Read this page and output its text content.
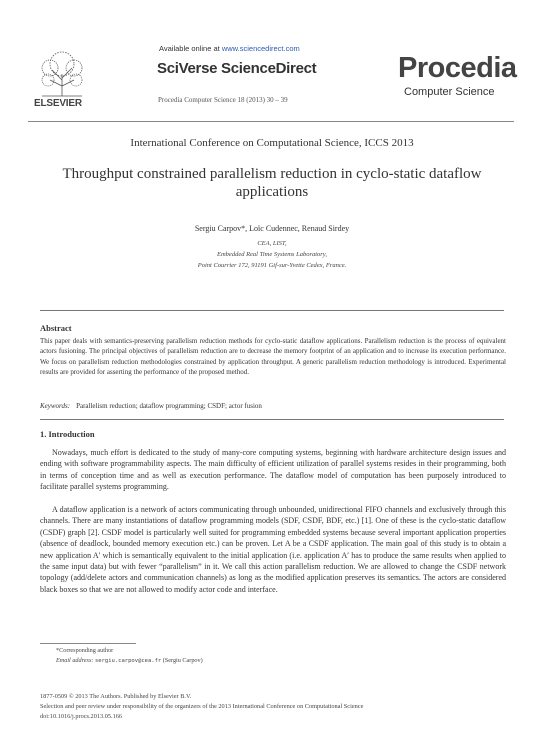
ELSEVIER
Available online at www.sciencedirect.com
SciVerse ScienceDirect
Procedia Computer Science 18 (2013) 30 – 39
Procedia
Computer Science
International Conference on Computational Science, ICCS 2013
Throughput constrained parallelism reduction in cyclo-static dataflow applications
Sergiu Carpov*, Loïc Cudennec, Renaud Sirdey
CEA, LIST,
Embedded Real Time Systems Laboratory,
Point Courrier 172, 91191 Gif-sur-Yvette Cedex, France.
Abstract
This paper deals with semantics-preserving parallelism reduction methods for cyclo-static dataflow applications. Parallelism reduction is the process of equivalent actors fusioning. The principal objectives of parallelism reduction are to decrease the memory footprint of an application and to increase its execution performance. We focus on parallelism reduction methodologies constrained by application throughput. A generic parallelism reduction methodology is introduced. Experimental results are provided for asserting the performance of the proposed method.
Keywords: Parallelism reduction; dataflow programming; CSDF; actor fusion
1. Introduction
Nowadays, much effort is dedicated to the study of many-core computing systems, beginning with hardware architecture design issues and ending with software programmability aspects. The main difficulty of efficient utilization of parallel systems resides in their programming, both in terms of conception time and as well as execution performance. The dataflow model of computation has been purposely introduced to facilitate parallel systems programming.
A dataflow application is a network of actors communicating through unbounded, unidirectional FIFO channels and exclusively through this channels. There are many instantiations of dataflow programming models (SDF, CSDF, BDF, etc.) [1]. One of these is the cyclo-static dataflow (CSDF) graph [2]. CSDF model is particularly well suited for programming embedded systems because several important application properties (absence of deadlock, bounded memory execution etc.) can be proven. Let A be a CSDF application. The main goal of this study is to obtain a new application A′ which is semantically equivalent to the initial application (i.e. application A′ has to produce the same results when applied to the same input data) but with fewer “parallelism” in it. We call this action parallelism reduction. We are allowed to change the CSDF network topology (add/delete actors and communication channels) as long as the modified application preserves its semantics. The actors are considered black boxes so that we are not allowed to modify actor code and interface.
*Corresponding author
Email address: sergiu.carpov@cea.fr (Sergiu Carpov)
1877-0509 © 2013 The Authors. Published by Elsevier B.V.
Selection and peer review under responsibility of the organizers of the 2013 International Conference on Computational Science
doi:10.1016/j.procs.2013.05.166
